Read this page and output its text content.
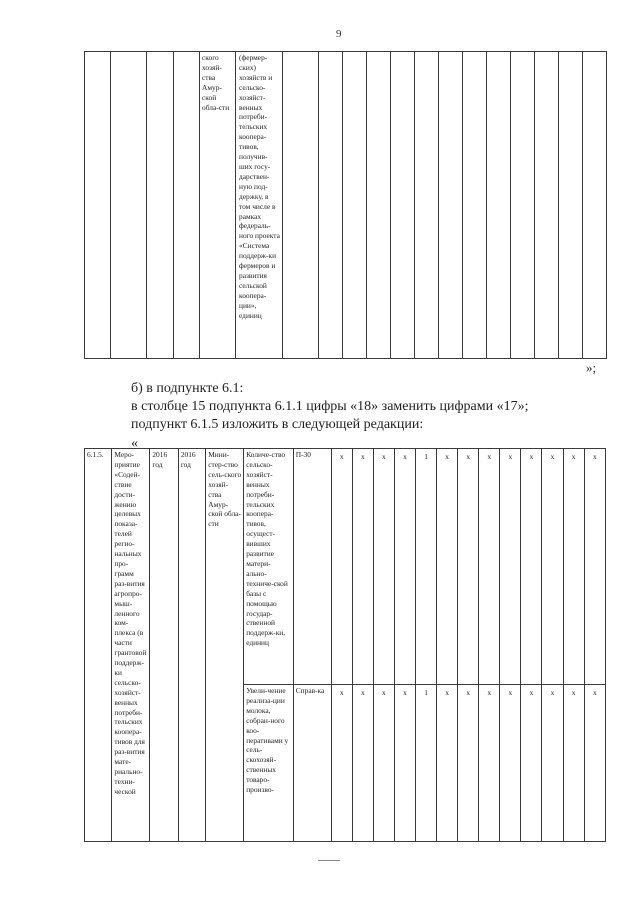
9
				ского хозяй-ства Амур-ской обла-сти	(фермер-ских) хозяйств и сельско-хозяйст-венных потреби-тельских коопера-тивов, получив-ших госу-дарствен-ную под-держку, в том числе в рамках федераль-ного проекта «Система поддерж-ки фермеров и развития сельской коопера-ции», единиц													
»;
б) в подпункте 6.1:
в столбце 15 подпункта 6.1.1 цифры «18» заменить цифрами «17»;
подпункт 6.1.5 изложить в следующей редакции:
«
6.1.5.	Меро-приятие «Содей-ствие дости-жению целевых показа-телей регио-нальных про-грамм раз-вития агропро-мыш-ленного ком-плекса (в части грантовой поддерж-ки сельско-хозяйст-венных потреби-тельских коопера-тивов для раз-вития мате-риально-техни-ческой	2016 год	2016 год	Мини-стер-ство сель-ского хозяй-ства Амур-ской обла-сти	Количе-ство сельско-хозяйст-венных потреби-тельских коопера-тивов, осущест-вивших развитие матери-ально-техниче-ской базы с помощью государ-ственной поддерж-ки, единиц	П-30	х	х	х	х	1	х	х	х	х	х	х	х	х
					Увели-чение реализа-ции молока, собран-ного коо-перативами у сель-скохозяй-ственных товаро-произво-	Справ-ка	х	х	х	х	1	х	х	х	х	х	х	х	х
